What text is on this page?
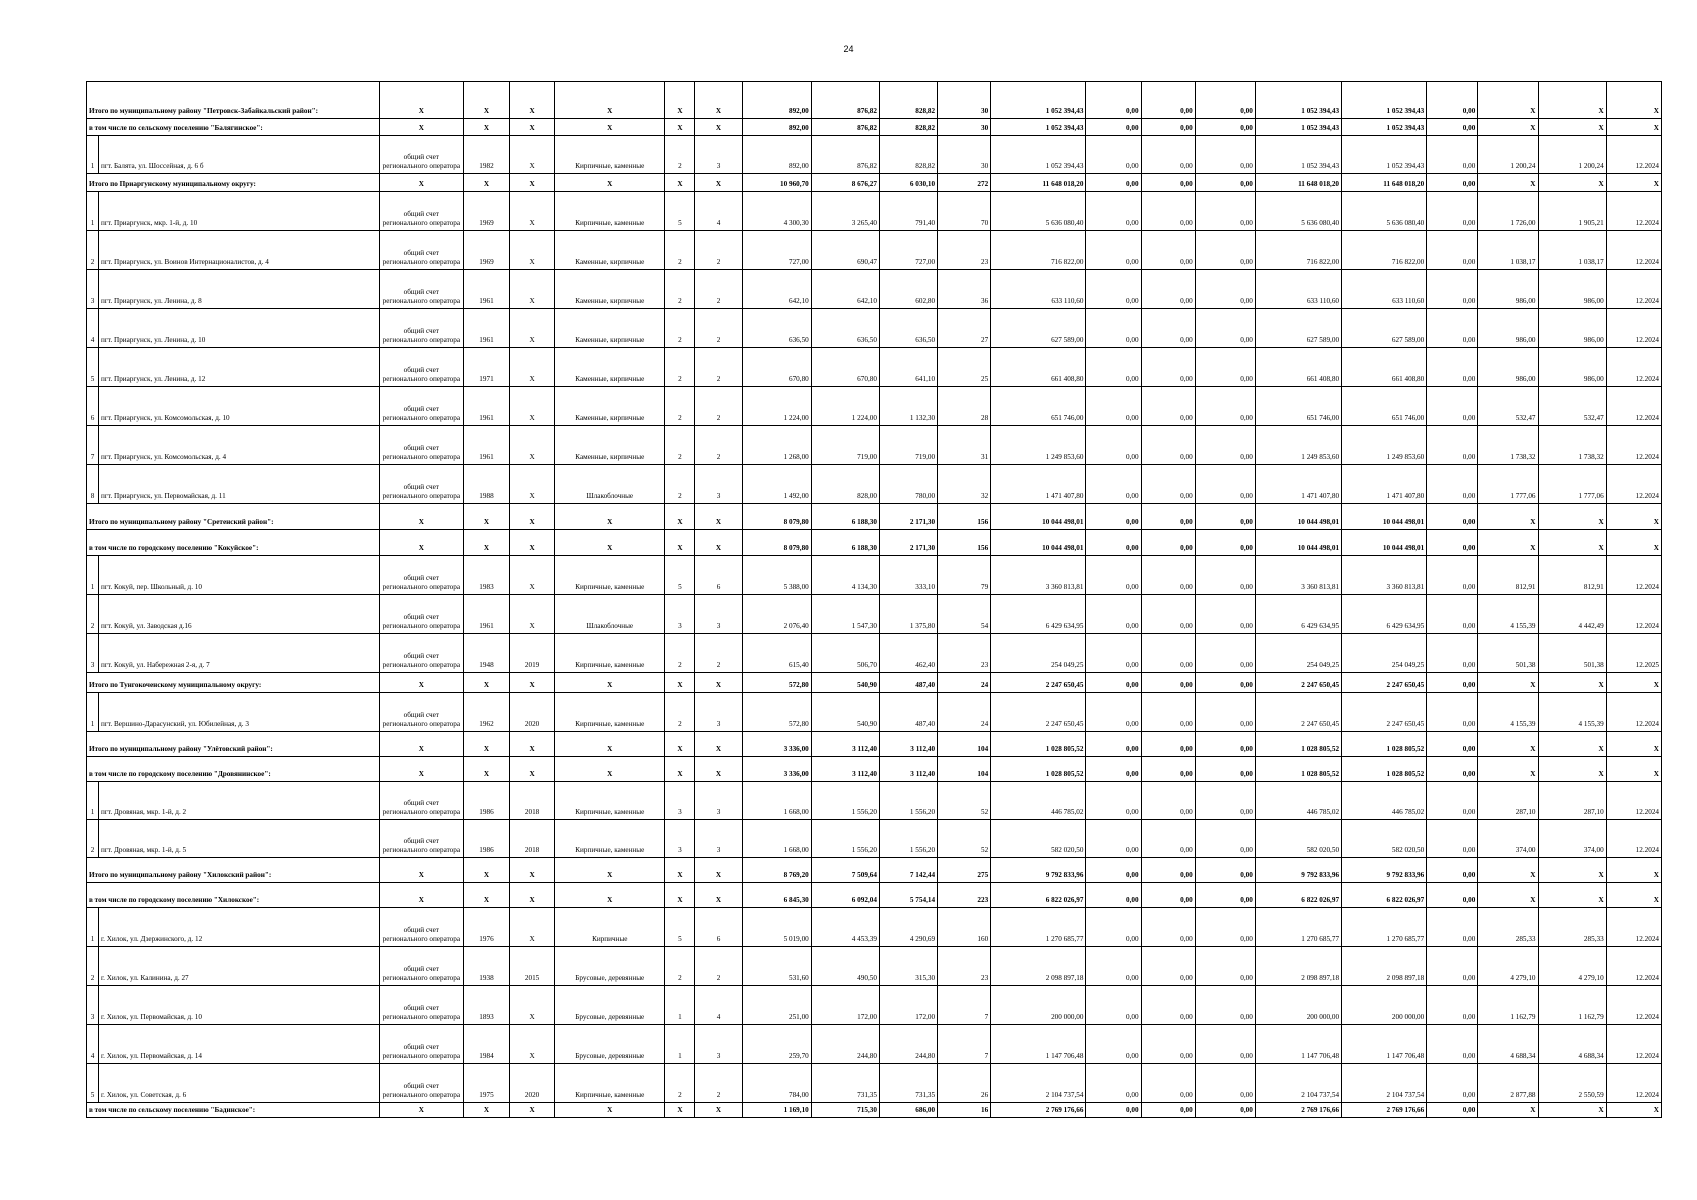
24
Итого по муниципальному району "Петровск-Забайкальский район":		X	X	X	X	X	X	892,00	876,82	828,82	30	1 052 394,43	0,00	0,00	0,00	1 052 394,43	1 052 394,43	0,00	X	X	X
в том числе по сельскому поселению "Балягинское":		X	X	X	X	X	X	892,00	876,82	828,82	30	1 052 394,43	0,00	0,00	0,00	1 052 394,43	1 052 394,43	0,00	X	X	X
1	пгт. Балята, ул. Шоссейная, д. 6 б	общий счет регионального оператора	1982	X	Кирпичные, каменные	2	3	892,00	876,82	828,82	30	1 052 394,43	0,00	0,00	0,00	1 052 394,43	1 052 394,43	0,00	1 200,24	1 200,24	12.2024
Итого по Приаргунскому муниципальному округу:		X	X	X	X	X	X	10 960,70	8 676,27	6 030,10	272	11 648 018,20	0,00	0,00	0,00	11 648 018,20	11 648 018,20	0,00	X	X	X
1	пгт. Приаргунск, мкр. 1-й, д. 10	общий счет регионального оператора	1969	X	Кирпичные, каменные	5	4	4 300,30	3 265,40	791,40	70	5 636 080,40	0,00	0,00	0,00	5 636 080,40	5 636 080,40	0,00	1 726,00	1 905,21	12.2024
2	пгт. Приаргунск, ул. Воинов Интернационалистов, д. 4	общий счет регионального оператора	1969	X	Каменные, кирпичные	2	2	727,00	690,47	727,00	23	716 822,00	0,00	0,00	0,00	716 822,00	716 822,00	0,00	1 038,17	1 038,17	12.2024
3	пгт. Приаргунск, ул. Ленина, д. 8	общий счет регионального оператора	1961	X	Каменные, кирпичные	2	2	642,10	642,10	602,80	36	633 110,60	0,00	0,00	0,00	633 110,60	633 110,60	0,00	986,00	986,00	12.2024
4	пгт. Приаргунск, ул. Ленина, д. 10	общий счет регионального оператора	1961	X	Каменные, кирпичные	2	2	636,50	636,50	636,50	27	627 589,00	0,00	0,00	0,00	627 589,00	627 589,00	0,00	986,00	986,00	12.2024
5	пгт. Приаргунск, ул. Ленина, д. 12	общий счет регионального оператора	1971	X	Каменные, кирпичные	2	2	670,80	670,80	641,10	25	661 408,80	0,00	0,00	0,00	661 408,80	661 408,80	0,00	986,00	986,00	12.2024
6	пгт. Приаргунск, ул. Комсомольская, д. 10	общий счет регионального оператора	1961	X	Каменные, кирпичные	2	2	1 224,00	1 224,00	1 132,30	28	651 746,00	0,00	0,00	0,00	651 746,00	651 746,00	0,00	532,47	532,47	12.2024
7	пгт. Приаргунск, ул. Комсомольская, д. 4	общий счет регионального оператора	1961	X	Каменные, кирпичные	2	2	1 268,00	719,00	719,00	31	1 249 853,60	0,00	0,00	0,00	1 249 853,60	1 249 853,60	0,00	1 738,32	1 738,32	12.2024
8	пгт. Приаргунск, ул. Первомайская, д. 11	общий счет регионального оператора	1988	X	Шлакоблочные	2	3	1 492,00	828,00	780,00	32	1 471 407,80	0,00	0,00	0,00	1 471 407,80	1 471 407,80	0,00	1 777,06	1 777,06	12.2024
Итого по муниципальному району "Сретенский район":		X	X	X	X	X	X	8 079,80	6 188,30	2 171,30	156	10 044 498,01	0,00	0,00	0,00	10 044 498,01	10 044 498,01	0,00	X	X	X
в том числе по городскому поселению "Кокуйское":		X	X	X	X	X	X	8 079,80	6 188,30	2 171,30	156	10 044 498,01	0,00	0,00	0,00	10 044 498,01	10 044 498,01	0,00	X	X	X
1	пгт. Кокуй, пер. Школьный, д. 10	общий счет регионального оператора	1983	X	Кирпичные, каменные	5	6	5 388,00	4 134,30	333,10	79	3 360 813,81	0,00	0,00	0,00	3 360 813,81	3 360 813,81	0,00	812,91	812,91	12.2024
2	пгт. Кокуй, ул. Заводская д.16	общий счет регионального оператора	1961	X	Шлакоблочные	3	3	2 076,40	1 547,30	1 375,80	54	6 429 634,95	0,00	0,00	0,00	6 429 634,95	6 429 634,95	0,00	4 155,39	4 442,49	12.2024
3	пгт. Кокуй, ул. Набережная 2-я, д. 7	общий счет регионального оператора	1948	2019	Кирпичные, каменные	2	2	615,40	506,70	462,40	23	254 049,25	0,00	0,00	0,00	254 049,25	254 049,25	0,00	501,38	501,38	12.2025
Итого по Тунгокоченскому муниципальному округу:		X	X	X	X	X	X	572,80	540,90	487,40	24	2 247 650,45	0,00	0,00	0,00	2 247 650,45	2 247 650,45	0,00	X	X	X
1	пгт. Вершино-Дарасунский, ул. Юбилейная, д. 3	общий счет регионального оператора	1962	2020	Кирпичные, каменные	2	3	572,80	540,90	487,40	24	2 247 650,45	0,00	0,00	0,00	2 247 650,45	2 247 650,45	0,00	4 155,39	4 155,39	12.2024
Итого по муниципальному району "Улётовский район":		X	X	X	X	X	X	3 336,00	3 112,40	3 112,40	104	1 028 805,52	0,00	0,00	0,00	1 028 805,52	1 028 805,52	0,00	X	X	X
в том числе по городскому поселению "Дровянинское":		X	X	X	X	X	X	3 336,00	3 112,40	3 112,40	104	1 028 805,52	0,00	0,00	0,00	1 028 805,52	1 028 805,52	0,00	X	X	X
1	пгт. Дровяная, мкр. 1-й, д. 2	общий счет регионального оператора	1986	2018	Кирпичные, каменные	3	3	1 668,00	1 556,20	1 556,20	52	446 785,02	0,00	0,00	0,00	446 785,02	446 785,02	0,00	287,10	287,10	12.2024
2	пгт. Дровяная, мкр. 1-й, д. 5	общий счет регионального оператора	1986	2018	Кирпичные, каменные	3	3	1 668,00	1 556,20	1 556,20	52	582 020,50	0,00	0,00	0,00	582 020,50	582 020,50	0,00	374,00	374,00	12.2024
Итого по муниципальному району "Хилокский район":		X	X	X	X	X	X	8 769,20	7 509,64	7 142,44	275	9 792 833,96	0,00	0,00	0,00	9 792 833,96	9 792 833,96	0,00	X	X	X
в том числе по городскому поселению "Хилокское":		X	X	X	X	X	X	6 845,30	6 092,04	5 754,14	223	6 822 026,97	0,00	0,00	0,00	6 822 026,97	6 822 026,97	0,00	X	X	X
1	г. Хилок, ул. Дзержинского, д. 12	общий счет регионального оператора	1976	X	Кирпичные	5	6	5 019,00	4 453,39	4 290,69	160	1 270 685,77	0,00	0,00	0,00	1 270 685,77	1 270 685,77	0,00	285,33	285,33	12.2024
2	г. Хилок, ул. Калинина, д. 27	общий счет регионального оператора	1938	2015	Брусовые, деревянные	2	2	531,60	490,50	315,30	23	2 098 897,18	0,00	0,00	0,00	2 098 897,18	2 098 897,18	0,00	4 279,10	4 279,10	12.2024
3	г. Хилок, ул. Первомайская, д. 10	общий счет регионального оператора	1893	X	Брусовые, деревянные	1	4	251,00	172,00	172,00	7	200 000,00	0,00	0,00	0,00	200 000,00	200 000,00	0,00	1 162,79	1 162,79	12.2024
4	г. Хилок, ул. Первомайская, д. 14	общий счет регионального оператора	1984	X	Брусовые, деревянные	1	3	259,70	244,80	244,80	7	1 147 706,48	0,00	0,00	0,00	1 147 706,48	1 147 706,48	0,00	4 688,34	4 688,34	12.2024
5	г. Хилок, ул. Советская, д. 6	общий счет регионального оператора	1975	2020	Кирпичные, каменные	2	2	784,00	731,35	731,35	26	2 104 737,54	0,00	0,00	0,00	2 104 737,54	2 104 737,54	0,00	2 877,88	2 550,59	12.2024
в том числе по сельскому поселению "Бадинское":		X	X	X	X	X	X	1 169,10	715,30	686,00	16	2 769 176,66	0,00	0,00	0,00	2 769 176,66	2 769 176,66	0,00	X	X	X
